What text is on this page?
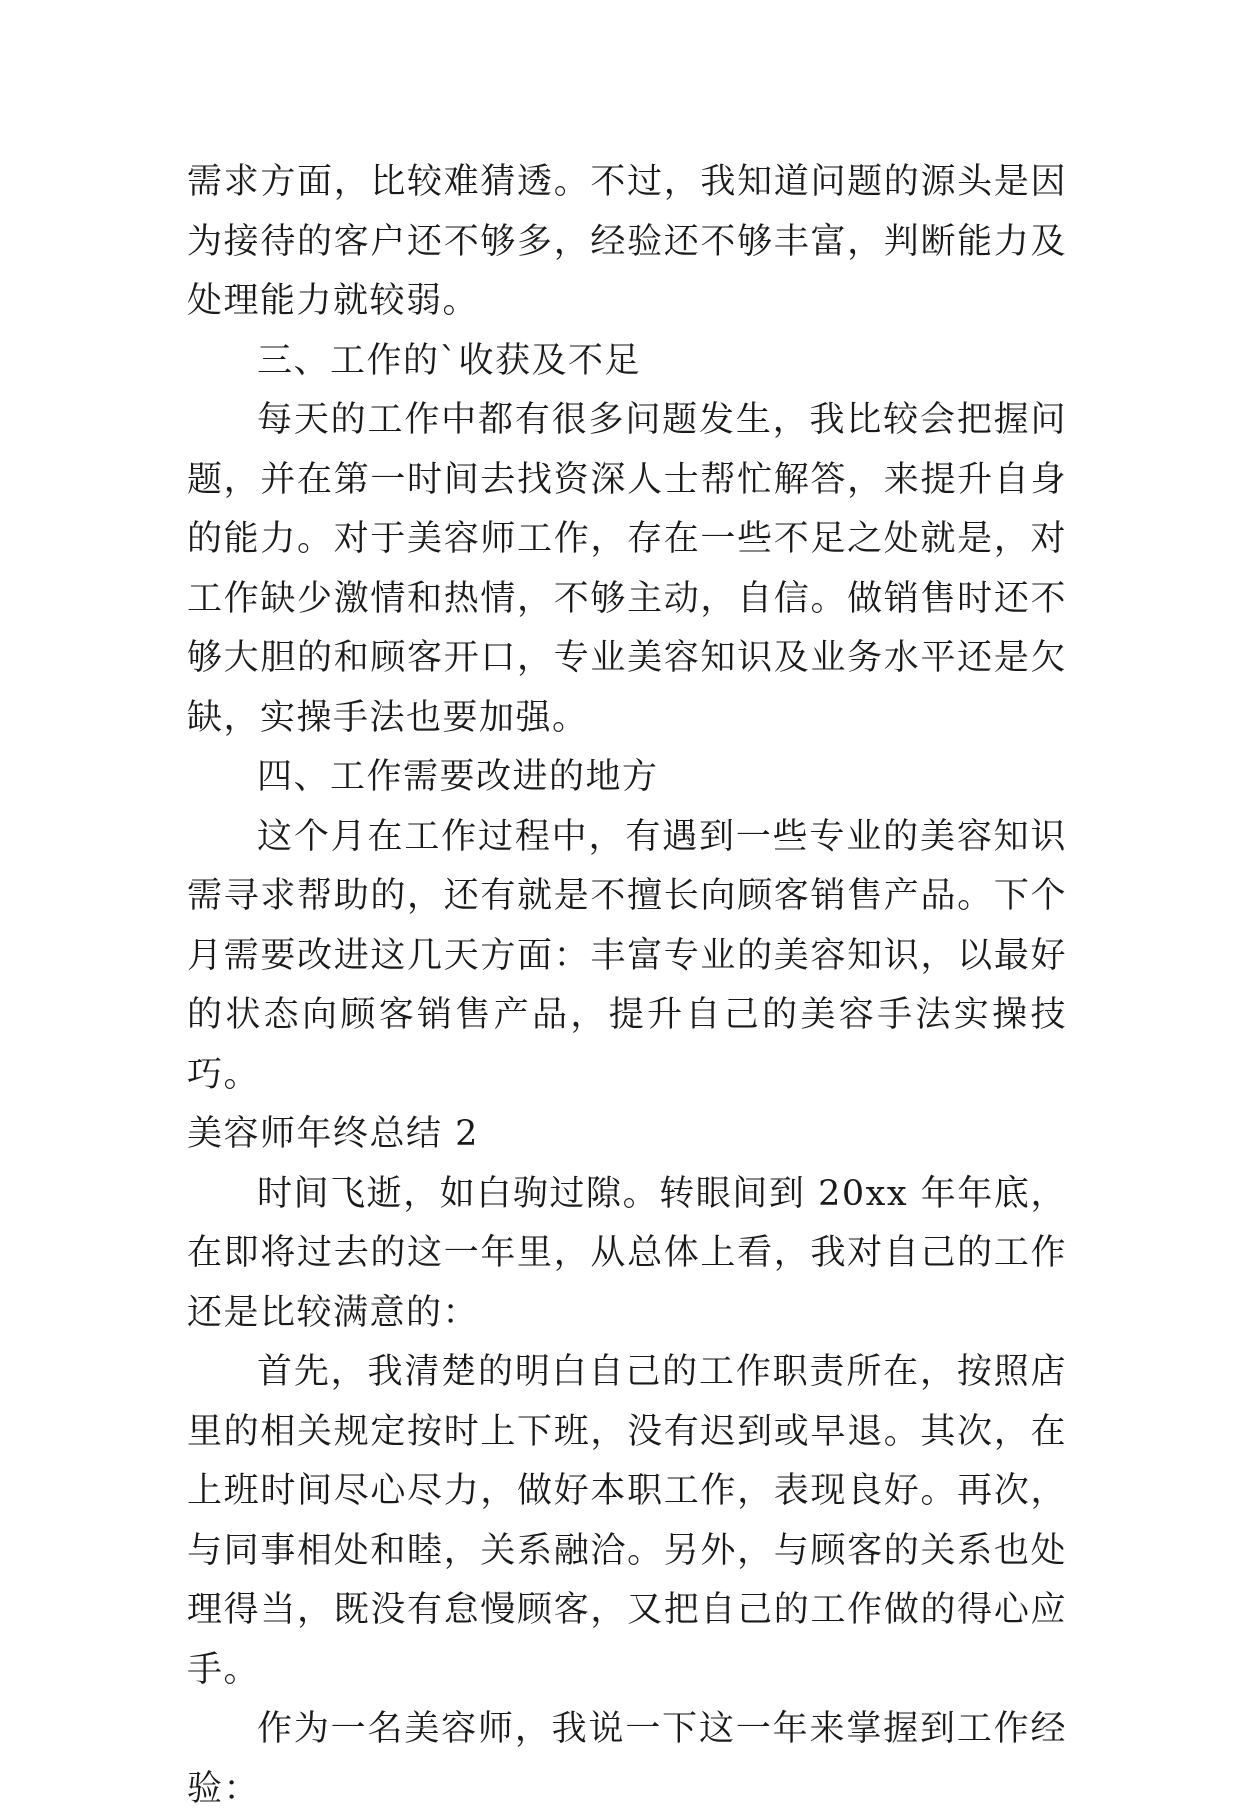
需求方面，比较难猜透。不过，我知道问题的源头是因为接待的客户还不够多，经验还不够丰富，判断能力及处理能力就较弱。

三、工作的`收获及不足

每天的工作中都有很多问题发生，我比较会把握问题，并在第一时间去找资深人士帮忙解答，来提升自身的能力。对于美容师工作，存在一些不足之处就是，对工作缺少激情和热情，不够主动，自信。做销售时还不够大胆的和顾客开口，专业美容知识及业务水平还是欠缺，实操手法也要加强。

四、工作需要改进的地方

这个月在工作过程中，有遇到一些专业的美容知识需寻求帮助的，还有就是不擅长向顾客销售产品。下个月需要改进这几天方面：丰富专业的美容知识，以最好的状态向顾客销售产品，提升自己的美容手法实操技巧。

美容师年终总结 2

时间飞逝，如白驹过隙。转眼间到 20xx 年年底，在即将过去的这一年里，从总体上看，我对自己的工作还是比较满意的：

首先，我清楚的明白自己的工作职责所在，按照店里的相关规定按时上下班，没有迟到或早退。其次，在上班时间尽心尽力，做好本职工作，表现良好。再次，与同事相处和睦，关系融洽。另外，与顾客的关系也处理得当，既没有怠慢顾客，又把自己的工作做的得心应手。

作为一名美容师，我说一下这一年来掌握到工作经验：
